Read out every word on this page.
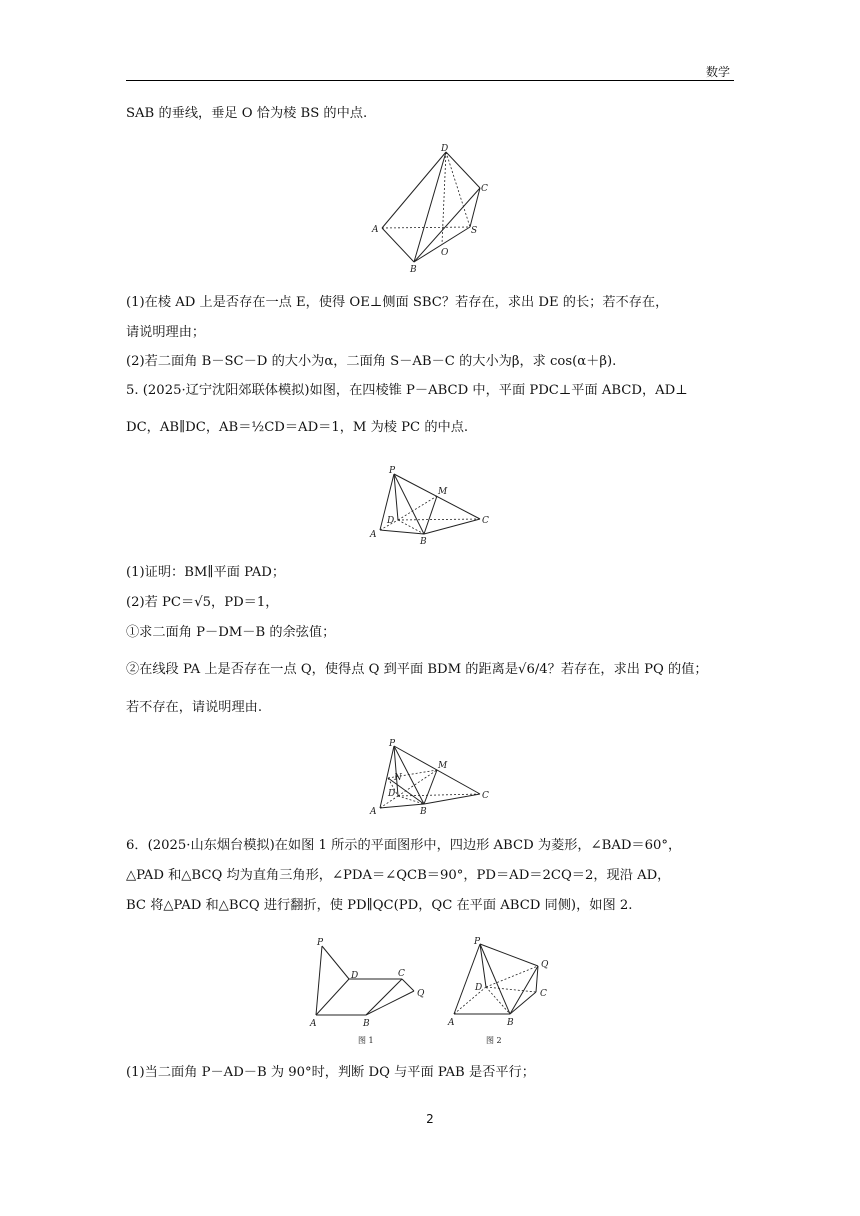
数学
SAB 的垂线，垂足 O 恰为棱 BS 的中点.
D
C
A	S
O
B
(1)在棱 AD 上是否存在一点 E，使得 OE⊥侧面 SBC？若存在，求出 DE 的长；若不存在，
请说明理由；
(2)若二面角 B－SC－D 的大小为α，二面角 S－AB－C 的大小为β，求 cos(α＋β).
5. (2025·辽宁沈阳郊联体模拟)如图，在四棱锥 P－ABCD 中，平面 PDC⊥平面 ABCD，AD⊥
DC，AB∥DC，AB＝½CD＝AD＝1，M 为棱 PC 的中点.
P
M
D	C
A
B
(1)证明：BM∥平面 PAD；
(2)若 PC＝√5，PD＝1，
①求二面角 P－DM－B 的余弦值；
②在线段 PA 上是否存在一点 Q，使得点 Q 到平面 BDM 的距离是√6/4？若存在，求出 PQ 的值；
若不存在，请说明理由.
P
N
M
D	C
A	B
6．(2025·山东烟台模拟)在如图 1 所示的平面图形中，四边形 ABCD 为菱形，∠BAD＝60°，
△PAD 和△BCQ 均为直角三角形，∠PDA＝∠QCB＝90°，PD＝AD＝2CQ＝2，现沿 AD，
BC 将△PAD 和△BCQ 进行翻折，使 PD∥QC(PD，QC 在平面 ABCD 同侧)，如图 2.
P
D	C
Q
A	B
图 1
P
Q
D
C
A	B
图 2
(1)当二面角 P－AD－B 为 90°时，判断 DQ 与平面 PAB 是否平行；
2
